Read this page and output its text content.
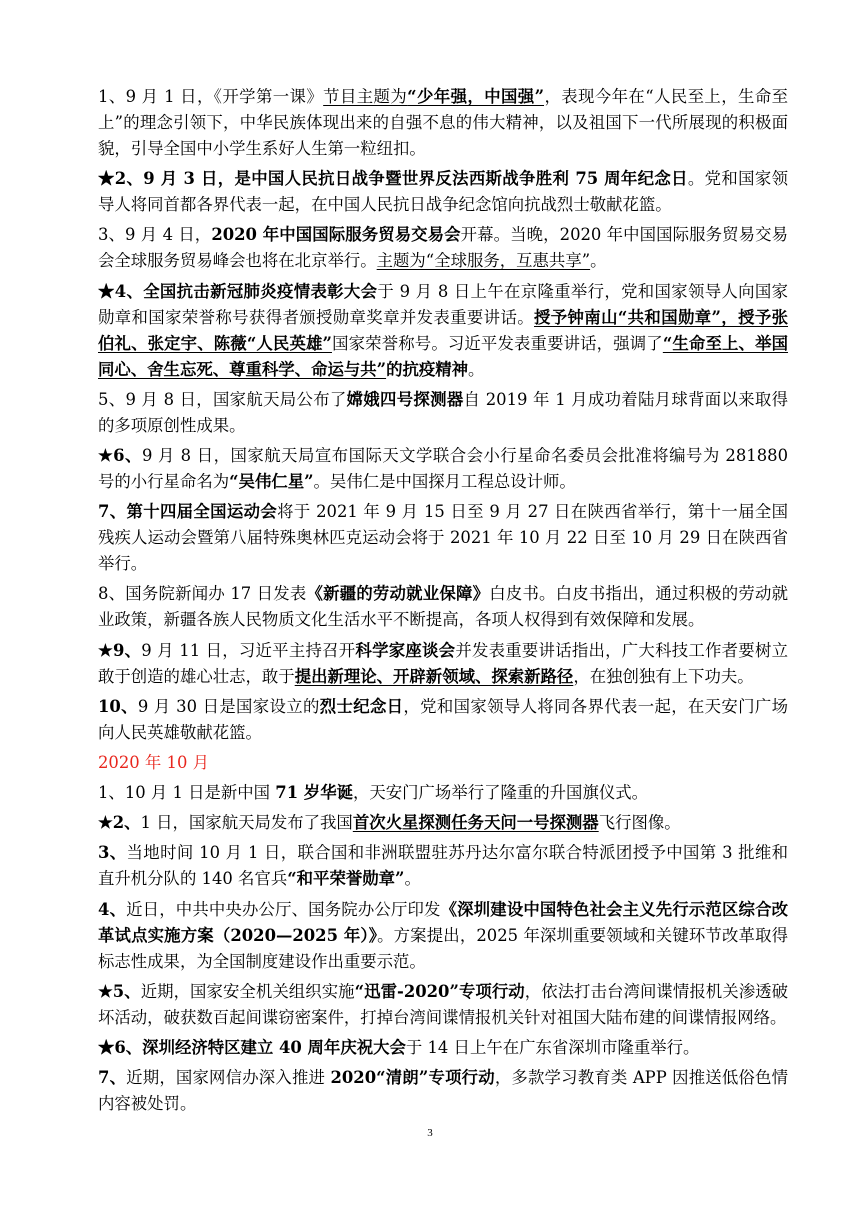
1、9 月 1 日，《开学第一课》节目主题为“少年强，中国强”，表现今年在“人民至上，生命至上”的理念引领下，中华民族体现出来的自强不息的伟大精神，以及祖国下一代所展现的积极面貌，引导全国中小学生系好人生第一粒纽扣。

★2、9 月 3 日，是中国人民抗日战争暨世界反法西斯战争胜利 75 周年纪念日。党和国家领导人将同首都各界代表一起，在中国人民抗日战争纪念馆向抗战烈士敬献花篮。

3、9 月 4 日，2020 年中国国际服务贸易交易会开幕。当晚，2020 年中国国际服务贸易交易会全球服务贸易峰会也将在北京举行。主题为“全球服务，互惠共享”。

★4、全国抗击新冠肺炎疫情表彰大会于 9 月 8 日上午在京隆重举行，党和国家领导人向国家勋章和国家荣誉称号获得者颁授勋章奖章并发表重要讲话。授予钟南山“共和国勋章”，授予张伯礼、张定宇、陈薇“人民英雄”国家荣誉称号。习近平发表重要讲话，强调了“生命至上、举国同心、舍生忘死、尊重科学、命运与共”的抗疫精神。

5、9 月 8 日，国家航天局公布了嫦娥四号探测器自 2019 年 1 月成功着陆月球背面以来取得的多项原创性成果。

★6、9 月 8 日，国家航天局宣布国际天文学联合会小行星命名委员会批准将编号为 281880 号的小行星命名为“吴伟仁星”。吴伟仁是中国探月工程总设计师。

7、第十四届全国运动会将于 2021 年 9 月 15 日至 9 月 27 日在陕西省举行，第十一届全国残疾人运动会暨第八届特殊奥林匹克运动会将于 2021 年 10 月 22 日至 10 月 29 日在陕西省举行。

8、国务院新闻办 17 日发表《新疆的劳动就业保障》白皮书。白皮书指出，通过积极的劳动就业政策，新疆各族人民物质文化生活水平不断提高，各项人权得到有效保障和发展。

★9、9 月 11 日，习近平主持召开科学家座谈会并发表重要讲话指出，广大科技工作者要树立敢于创造的雄心壮志，敢于提出新理论、开辟新领域、探索新路径，在独创独有上下功夫。

10、9 月 30 日是国家设立的烈士纪念日，党和国家领导人将同各界代表一起，在天安门广场向人民英雄敬献花篮。

2020 年 10 月

1、10 月 1 日是新中国 71 岁华诞，天安门广场举行了隆重的升国旗仪式。

★2、1 日，国家航天局发布了我国首次火星探测任务天问一号探测器飞行图像。

3、当地时间 10 月 1 日，联合国和非洲联盟驻苏丹达尔富尔联合特派团授予中国第 3 批维和直升机分队的 140 名官兵“和平荣誉勋章”。

4、近日，中共中央办公厅、国务院办公厅印发《深圳建设中国特色社会主义先行示范区综合改革试点实施方案（2020—2025 年）》。方案提出，2025 年深圳重要领域和关键环节改革取得标志性成果，为全国制度建设作出重要示范。

★5、近期，国家安全机关组织实施“迅雷-2020”专项行动，依法打击台湾间谍情报机关渗透破坏活动，破获数百起间谍窃密案件，打掉台湾间谍情报机关针对祖国大陆布建的间谍情报网络。

★6、深圳经济特区建立 40 周年庆祝大会于 14 日上午在广东省深圳市隆重举行。

7、近期，国家网信办深入推进 2020“清朗”专项行动，多款学习教育类 APP 因推送低俗色情内容被处罚。

3
